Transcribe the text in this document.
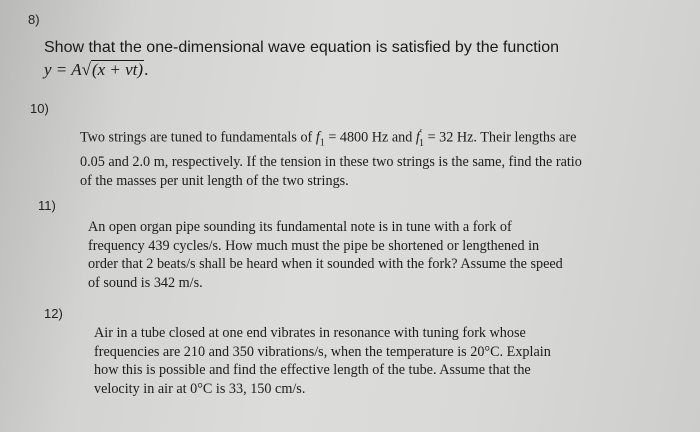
8)
Show that the one-dimensional wave equation is satisfied by the function
y = A√(x + vt).
10)
Two strings are tuned to fundamentals of $f_1 = 4800$ Hz and $f'_1 = 32$ Hz. Their lengths are 0.05 and 2.0 m, respectively. If the tension in these two strings is the same, find the ratio of the masses per unit length of the two strings.
11)
An open organ pipe sounding its fundamental note is in tune with a fork of frequency 439 cycles/s. How much must the pipe be shortened or lengthened in order that 2 beats/s shall be heard when it sounded with the fork? Assume the speed of sound is 342 m/s.
12)
Air in a tube closed at one end vibrates in resonance with tuning fork whose frequencies are 210 and 350 vibrations/s, when the temperature is 20°C. Explain how this is possible and find the effective length of the tube. Assume that the velocity in air at 0°C is 33, 150 cm/s.
